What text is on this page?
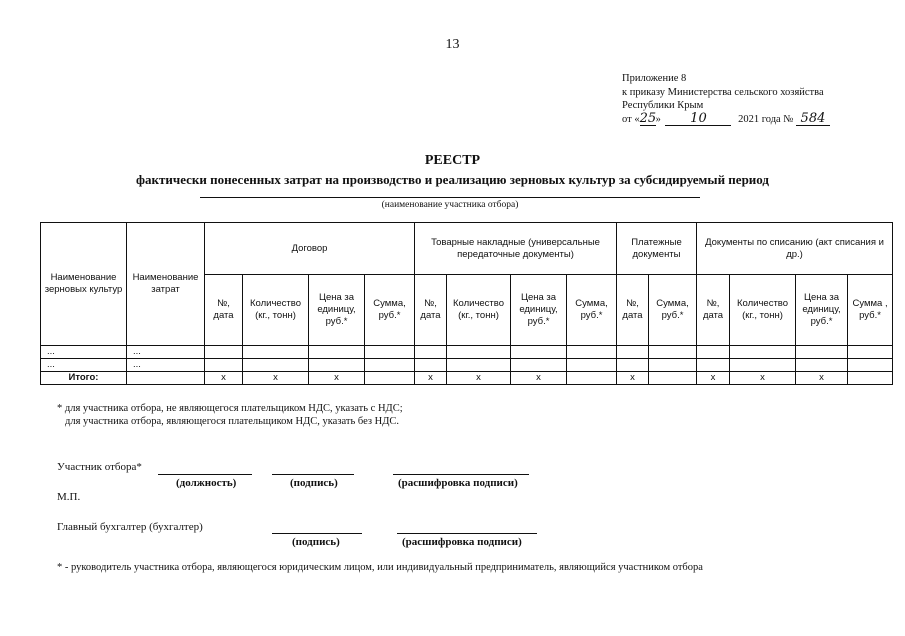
13
Приложение 8
к приказу Министерства сельского хозяйства
Республики Крым
от «25» 10	2021 года № 584
РЕЕСТР
фактически понесенных затрат на производство и реализацию зерновых культур за субсидируемый период
(наименование участника отбора)
Наименование зерновых культур	Наименование затрат	Договор				Товарные накладные (универсальные передаточные документы)				Платежные документы		Документы по списанию (акт списания и др.)			
		№, дата	Количество (кг., тонн)	Цена за единицу, руб.*	Сумма, руб.*	№, дата	Количество (кг., тонн)	Цена за единицу, руб.*	Сумма, руб.*	№, дата	Сумма, руб.*	№, дата	Количество (кг., тонн)	Цена за единицу, руб.*	Сумма , руб.*
...	...														
...	...														
Итого:		х	х	х		х	х	х		х		х	х	х	
* для участника отбора, не являющегося плательщиком НДС, указать с НДС;
для участника отбора, являющегося плательщиком НДС, указать без НДС.
Участник отбора*
(должность)	(подпись)	(расшифровка подписи)
М.П.
Главный бухгалтер (бухгалтер)
(подпись)	(расшифровка подписи)
* - руководитель участника отбора, являющегося юридическим лицом, или индивидуальный предприниматель, являющийся участником отбора
